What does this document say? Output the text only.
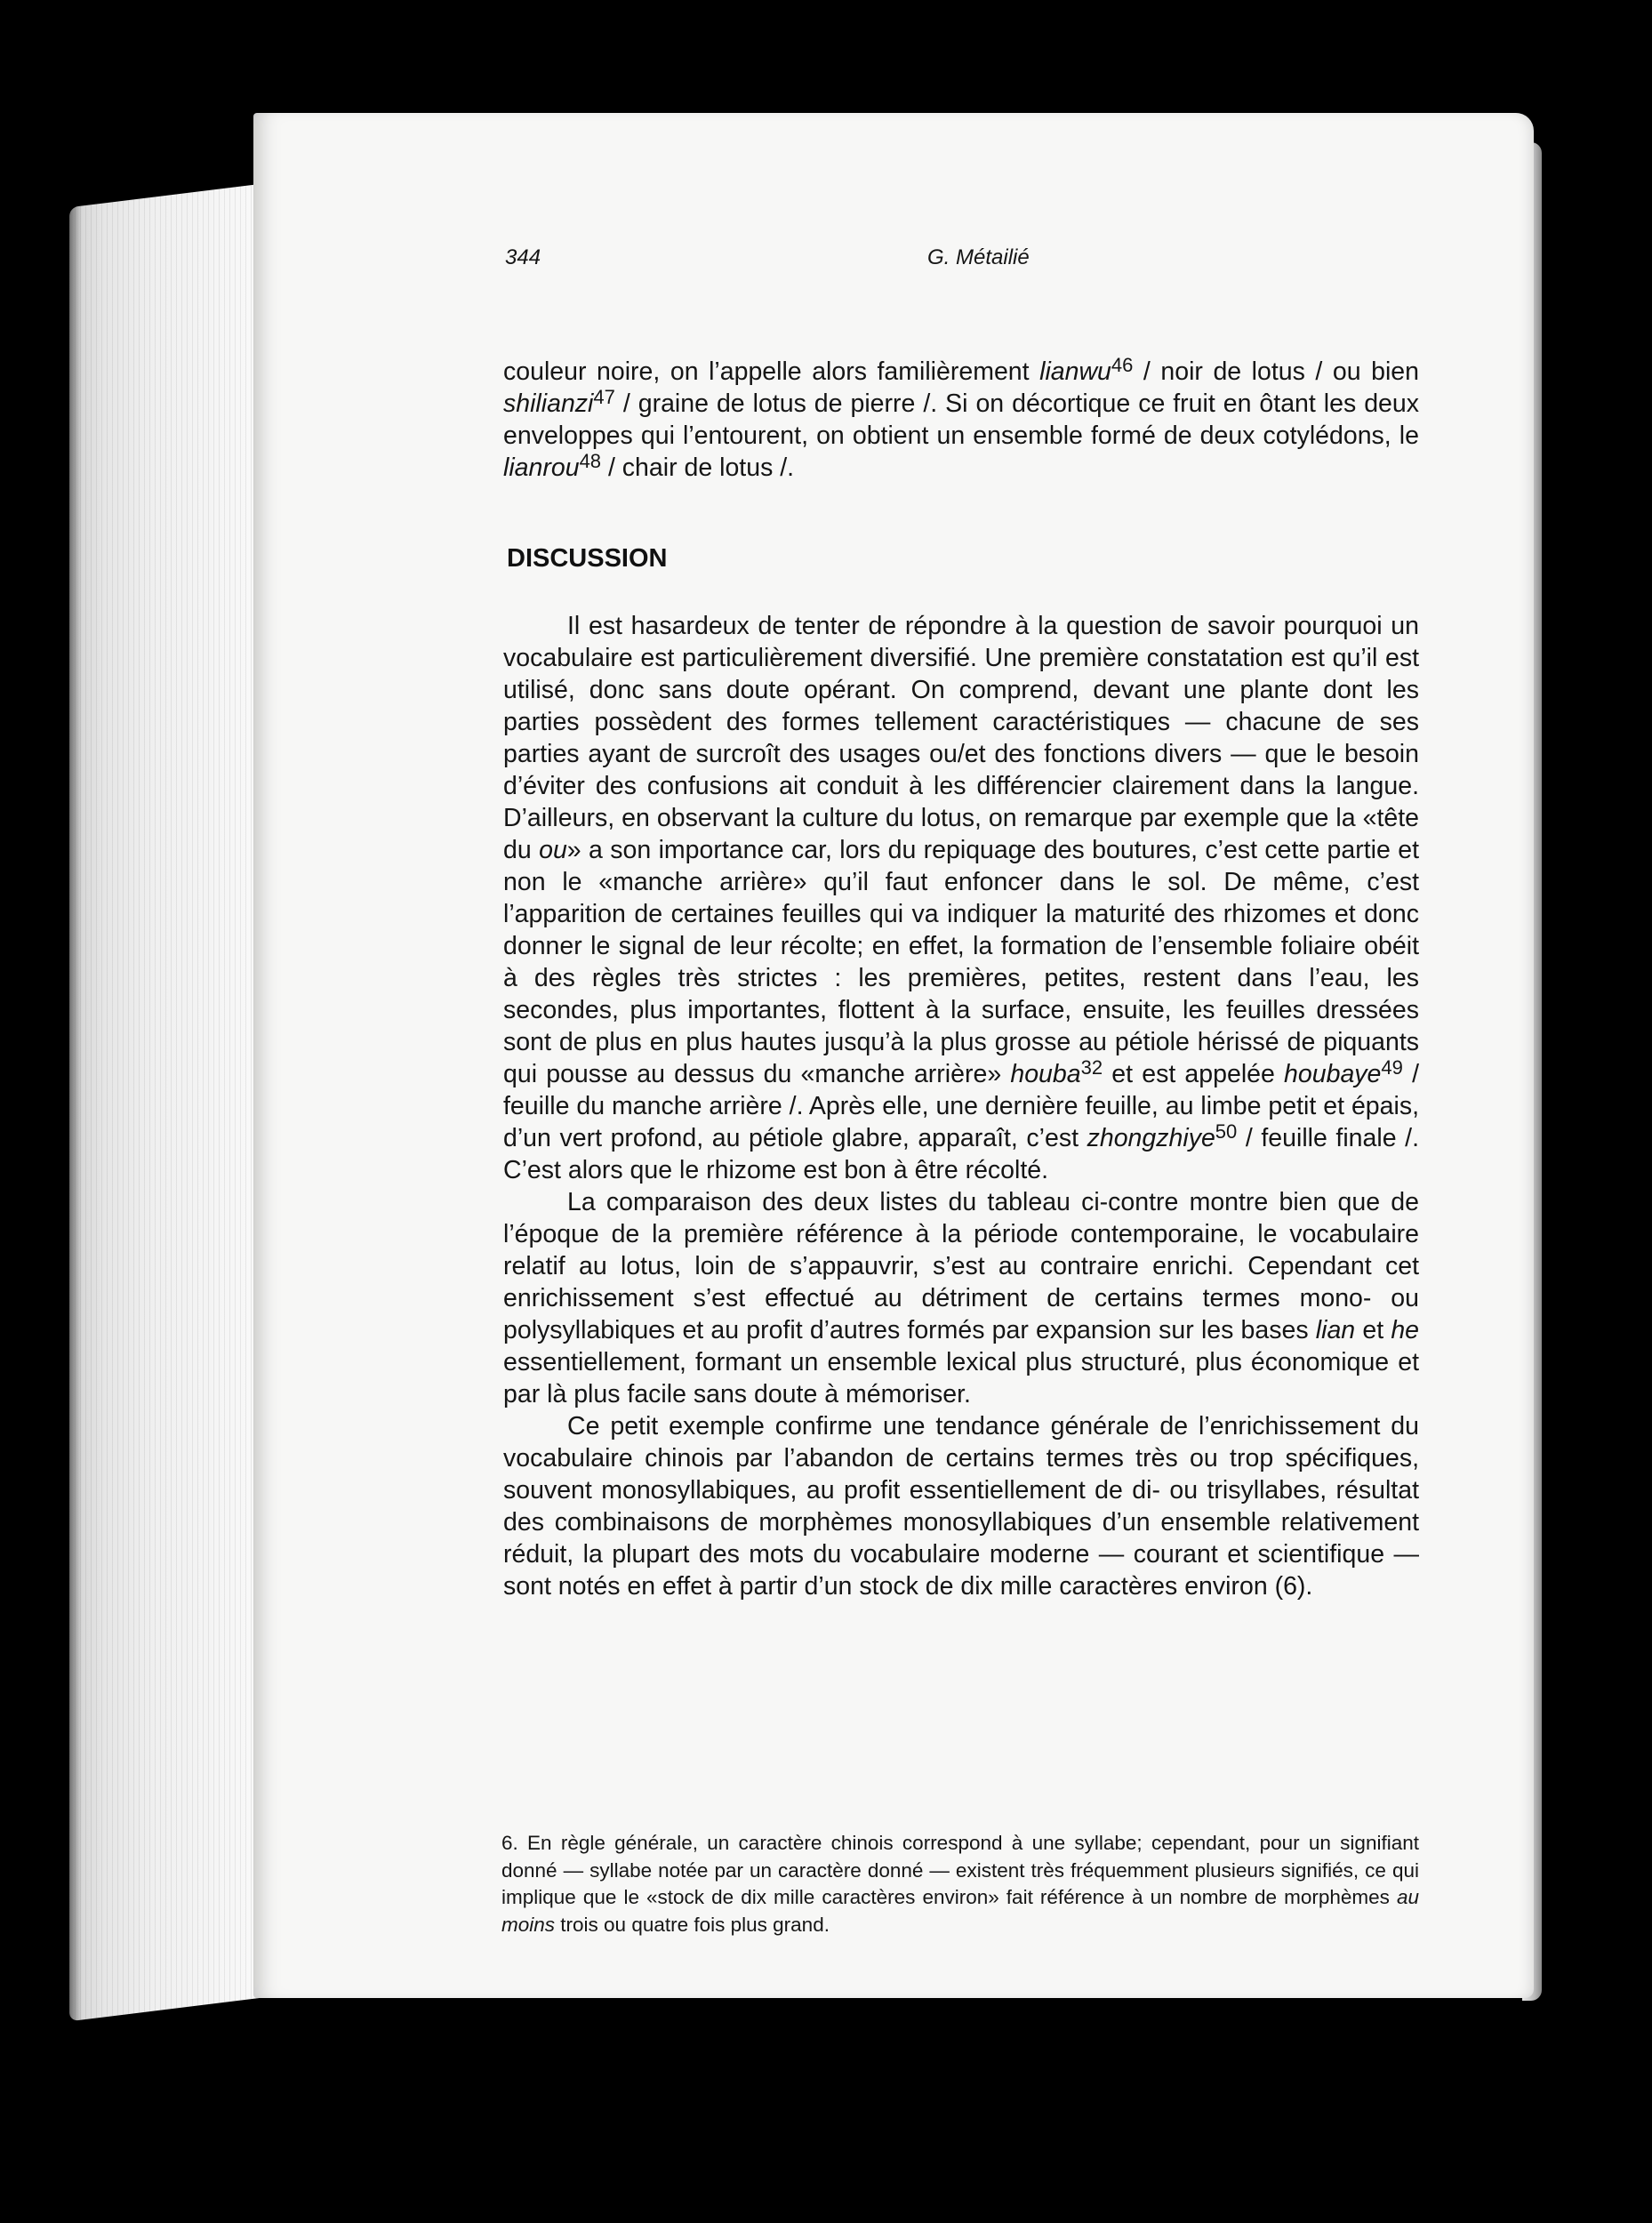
344	G. Métailié

couleur noire, on l’appelle alors familièrement lianwu$^{46}$ / noir de lotus / ou bien shilianzi$^{47}$ / graine de lotus de pierre /. Si on décortique ce fruit en ôtant les deux enveloppes qui l’entourent, on obtient un ensemble formé de deux cotylédons, le lianrou$^{48}$ / chair de lotus /.

DISCUSSION

Il est hasardeux de tenter de répondre à la question de savoir pourquoi un vocabulaire est particulièrement diversifié. Une première constatation est qu’il est utilisé, donc sans doute opérant. On comprend, devant une plante dont les parties possèdent des formes tellement caractéristiques — chacune de ses parties ayant de surcroît des usages ou/et des fonctions divers — que le besoin d’éviter des confusions ait conduit à les différencier clairement dans la langue. D’ailleurs, en observant la culture du lotus, on remarque par exemple que la «tête du ou» a son importance car, lors du repiquage des boutures, c’est cette partie et non le «manche arrière» qu’il faut enfoncer dans le sol. De même, c’est l’apparition de certaines feuilles qui va indiquer la maturité des rhizomes et donc donner le signal de leur récolte; en effet, la formation de l’ensemble foliaire obéit à des règles très strictes : les premières, petites, restent dans l’eau, les secondes, plus importantes, flottent à la surface, ensuite, les feuilles dressées sont de plus en plus hautes jusqu’à la plus grosse au pétiole hérissé de piquants qui pousse au dessus du «manche arrière» houba$^{32}$ et est appelée houbaye$^{49}$ / feuille du manche arrière /. Après elle, une dernière feuille, au limbe petit et épais, d’un vert profond, au pétiole glabre, apparaît, c’est zhongzhiye$^{50}$ / feuille finale /. C’est alors que le rhizome est bon à être récolté.

La comparaison des deux listes du tableau ci-contre montre bien que de l’époque de la première référence à la période contemporaine, le vocabulaire relatif au lotus, loin de s’appauvrir, s’est au contraire enrichi. Cependant cet enrichissement s’est effectué au détriment de certains termes mono- ou polysyllabiques et au profit d’autres formés par expansion sur les bases lian et he essentiellement, formant un ensemble lexical plus structuré, plus économique et par là plus facile sans doute à mémoriser.

Ce petit exemple confirme une tendance générale de l’enrichissement du vocabulaire chinois par l’abandon de certains termes très ou trop spécifiques, souvent monosyllabiques, au profit essentiellement de di- ou trisyllabes, résultat des combinaisons de morphèmes monosyllabiques d’un ensemble relativement réduit, la plupart des mots du vocabulaire moderne — courant et scientifique — sont notés en effet à partir d’un stock de dix mille caractères environ (6).

6. En règle générale, un caractère chinois correspond à une syllabe; cependant, pour un signifiant donné — syllabe notée par un caractère donné — existent très fréquemment plusieurs signifiés, ce qui implique que le «stock de dix mille caractères environ» fait référence à un nombre de morphèmes au moins trois ou quatre fois plus grand.
